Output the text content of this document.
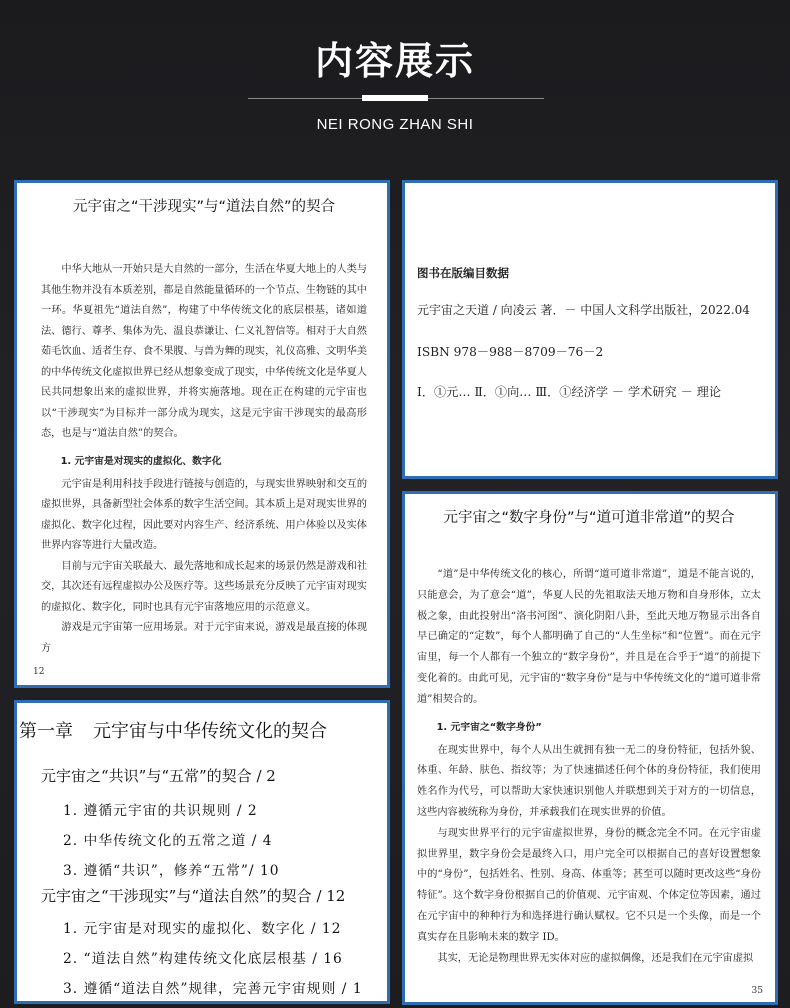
内容展示
NEI RONG ZHAN SHI
元宇宙之“干涉现实”与“道法自然”的契合

中华大地从一开始只是大自然的一部分，生活在华夏大地上的人类与其他生物并没有本质差别，都是自然能量循环的一个节点、生物链的其中一环。华夏祖先“道法自然”，构建了中华传统文化的底层根基，诸如道法、德行、尊孝、集体为先、温良恭谦让、仁义礼智信等。相对于大自然茹毛饮血、适者生存、食不果腹、与兽为舞的现实，礼仪高雅、文明华美的中华传统文化虚拟世界已经从想象变成了现实，中华传统文化是华夏人民共同想象出来的虚拟世界，并将实施落地。现在正在构建的元宇宙也以“干涉现实”为目标并一部分成为现实，这是元宇宙干涉现实的最高形态，也是与“道法自然”的契合。

1. 元宇宙是对现实的虚拟化、数字化

元宇宙是利用科技手段进行链接与创造的，与现实世界映射和交互的虚拟世界，具备新型社会体系的数字生活空间。其本质上是对现实世界的虚拟化、数字化过程，因此要对内容生产、经济系统、用户体验以及实体世界内容等进行大量改造。

目前与元宇宙关联最大、最先落地和成长起来的场景仍然是游戏和社交，其次还有远程虚拟办公及医疗等。这些场景充分反映了元宇宙对现实的虚拟化、数字化，同时也具有元宇宙落地应用的示范意义。

游戏是元宇宙第一应用场景。对于元宇宙来说，游戏是最直接的体现方

12
图书在版编目数据
元宇宙之天道 / 向凌云 著．－ 中国人文科学出版社，2022.04
ISBN 978－988－8709－76－2
Ⅰ．①元… Ⅱ．①向… Ⅲ．①经济学 － 学术研究 － 理论
元宇宙之“数字身份”与“道可道非常道”的契合

“道”是中华传统文化的核心，所谓“道可道非常道”，道是不能言说的，只能意会，为了意会“道”，华夏人民的先祖取法天地万物和自身形体，立太极之象，由此投射出“洛书河图”、演化阴阳八卦，至此天地万物显示出各自早已确定的“定数”，每个人都明确了自己的“人生坐标”和“位置”。而在元宇宙里，每一个人都有一个独立的“数字身份”，并且是在合乎于“道”的前提下变化着的。由此可见，元宇宙的“数字身份”是与中华传统文化的“道可道非常道”相契合的。

1. 元宇宙之“数字身份”

在现实世界中，每个人从出生就拥有独一无二的身份特征，包括外貌、体重、年龄、肤色、指纹等；为了快速描述任何个体的身份特征，我们使用姓名作为代号，可以帮助大家快速识别他人并联想到关于对方的一切信息，这些内容被统称为身份，并承载我们在现实世界的价值。

与现实世界平行的元宇宙虚拟世界，身份的概念完全不同。在元宇宙虚拟世界里，数字身份会是最终入口，用户完全可以根据自己的喜好设置想象中的“身份”，包括姓名、性别、身高、体重等；甚至可以随时更改这些“身份特征”。这个数字身份根据自己的价值观、元宇宙观、个体定位等因素，通过在元宇宙中的种种行为和选择进行确认赋权。它不只是一个头像，而是一个真实存在且影响未来的数字 ID。

其实，无论是物理世界无实体对应的虚拟偶像，还是我们在元宇宙虚拟

35
第一章 元宇宙与中华传统文化的契合
元宇宙之“共识”与“五常”的契合 / 2
1. 遵循元宇宙的共识规则 / 2
2. 中华传统文化的五常之道 / 4
3. 遵循“共识”，修养“五常”/ 10
元宇宙之“干涉现实”与“道法自然”的契合 / 12
1. 元宇宙是对现实的虚拟化、数字化 / 12
2. “道法自然”构建传统文化底层根基 / 16
3. 遵循“道法自然”规律，完善元宇宙规则 / 1
